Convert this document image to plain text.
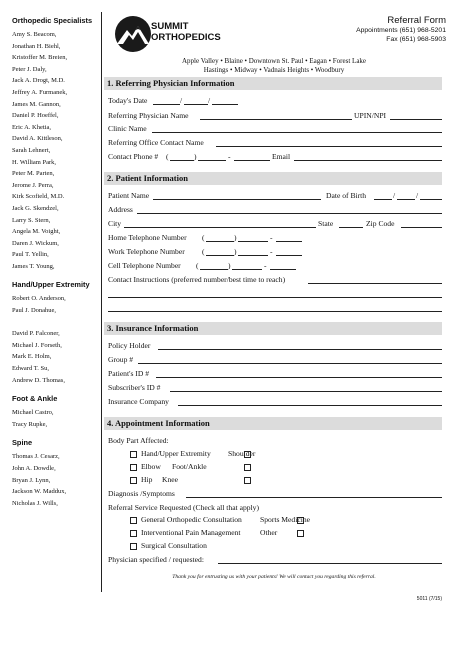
Orthopedic Specialists
Amy S. Beacom,
Jonathan H. Biehl,
Kristoffer M. Breien,
Peter J. Daly,
Jack A. Drogt, M.D.
Jeffrey A. Furmanek,
James M. Gannon,
Daniel P. Hoeffel,
Eric A. Khetia,
David A. Kittleson,
Sarah Lehnert,
H. William Park,
Peter M. Parten,
Jerome J. Perra,
Kirk Scofield, M.D.
Jack G. Skendzel,
Larry S. Stern,
Angela M. Voight,
Daren J. Wickum,
Paul T. Yellin,
James T. Young,
Hand/Upper Extremity
Robert O. Anderson,
Paul J. Donahue,

David P. Falconer,
Michael J. Forseth,
Mark E. Holm,
Edward T. Su,
Andrew D. Thomas,
Foot & Ankle
Michael Castro,
Tracy Rupke,
Spine
Thomas J. Cesarz,
John A. Dowdle,
Bryan J. Lynn,
Jackson W. Maddux,
Nicholas J. Wills,
SUMMIT
ORTHOPEDICS
Referral Form
Appointments (651) 968-5201
Fax (651) 968-5903
Apple Valley • Blaine • Downtown St. Paul • Eagan • Forest Lake
Hastings • Midway • Vadnais Heights • Woodbury
1. Referring Physician Information
Today's Date	/	/
Referring Physician Name	UPIN/NPI
Clinic Name
Referring Office Contact Name
Contact Phone # (	)	-	Email
2. Patient Information
Patient Name	Date of Birth	/	/
Address
City	State	Zip Code
Home Telephone Number (	)	-
Work Telephone Number (	)	-
Cell Telephone Number (	)	-
Contact Instructions (preferred number/best time to reach)
3. Insurance Information
Policy Holder
Group #
Patient's ID #
Subscriber's ID #
Insurance Company
4. Appointment Information
Body Part Affected:
Hand/Upper Extremity Shoulder
Elbow Foot/Ankle
Hip Knee
Diagnosis /Symptoms
Referral Service Requested (Check all that apply)
General Orthopedic Consultation Sports Medicine
Interventional Pain Management	Other
Surgical Consultation
Physician specified / requested:
Thank you for entrusting us with your patients! We will contact you regarding this referral.
5011 (7/15)
